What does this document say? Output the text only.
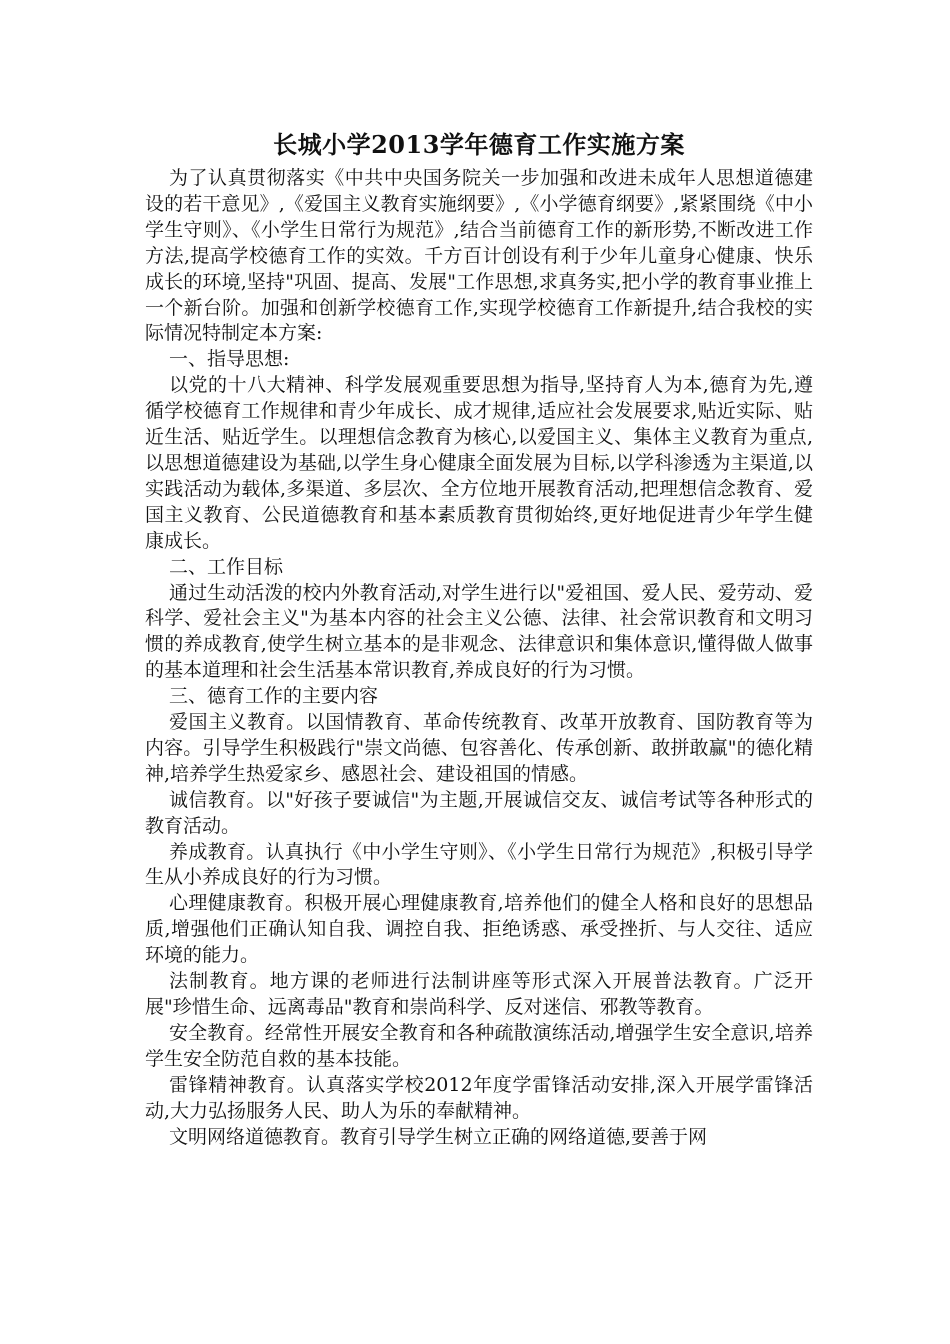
长城小学2013学年德育工作实施方案

为了认真贯彻落实《中共中央国务院关一步加强和改进未成年人思想道德建设的若干意见》,《爱国主义教育实施纲要》,《小学德育纲要》,紧紧围绕《中小学生守则》、《小学生日常行为规范》,结合当前德育工作的新形势,不断改进工作方法,提高学校德育工作的实效。千方百计创设有利于少年儿童身心健康、快乐成长的环境,坚持"巩固、提高、发展"工作思想,求真务实,把小学的教育事业推上一个新台阶。加强和创新学校德育工作,实现学校德育工作新提升,结合我校的实际情况特制定本方案:

一、指导思想:

以党的十八大精神、科学发展观重要思想为指导,坚持育人为本,德育为先,遵循学校德育工作规律和青少年成长、成才规律,适应社会发展要求,贴近实际、贴近生活、贴近学生。以理想信念教育为核心,以爱国主义、集体主义教育为重点,以思想道德建设为基础,以学生身心健康全面发展为目标,以学科渗透为主渠道,以实践活动为载体,多渠道、多层次、全方位地开展教育活动,把理想信念教育、爱国主义教育、公民道德教育和基本素质教育贯彻始终,更好地促进青少年学生健康成长。

二、工作目标

通过生动活泼的校内外教育活动,对学生进行以"爱祖国、爱人民、爱劳动、爱科学、爱社会主义"为基本内容的社会主义公德、法律、社会常识教育和文明习惯的养成教育,使学生树立基本的是非观念、法律意识和集体意识,懂得做人做事的基本道理和社会生活基本常识教育,养成良好的行为习惯。

三、德育工作的主要内容

爱国主义教育。以国情教育、革命传统教育、改革开放教育、国防教育等为内容。引导学生积极践行"崇文尚德、包容善化、传承创新、敢拼敢赢"的德化精神,培养学生热爱家乡、感恩社会、建设祖国的情感。

诚信教育。以"好孩子要诚信"为主题,开展诚信交友、诚信考试等各种形式的教育活动。

养成教育。认真执行《中小学生守则》、《小学生日常行为规范》,积极引导学生从小养成良好的行为习惯。

心理健康教育。积极开展心理健康教育,培养他们的健全人格和良好的思想品质,增强他们正确认知自我、调控自我、拒绝诱惑、承受挫折、与人交往、适应环境的能力。

法制教育。地方课的老师进行法制讲座等形式深入开展普法教育。广泛开展"珍惜生命、远离毒品"教育和崇尚科学、反对迷信、邪教等教育。

安全教育。经常性开展安全教育和各种疏散演练活动,增强学生安全意识,培养学生安全防范自救的基本技能。

雷锋精神教育。认真落实学校2012年度学雷锋活动安排,深入开展学雷锋活动,大力弘扬服务人民、助人为乐的奉献精神。

文明网络道德教育。教育引导学生树立正确的网络道德,要善于网
